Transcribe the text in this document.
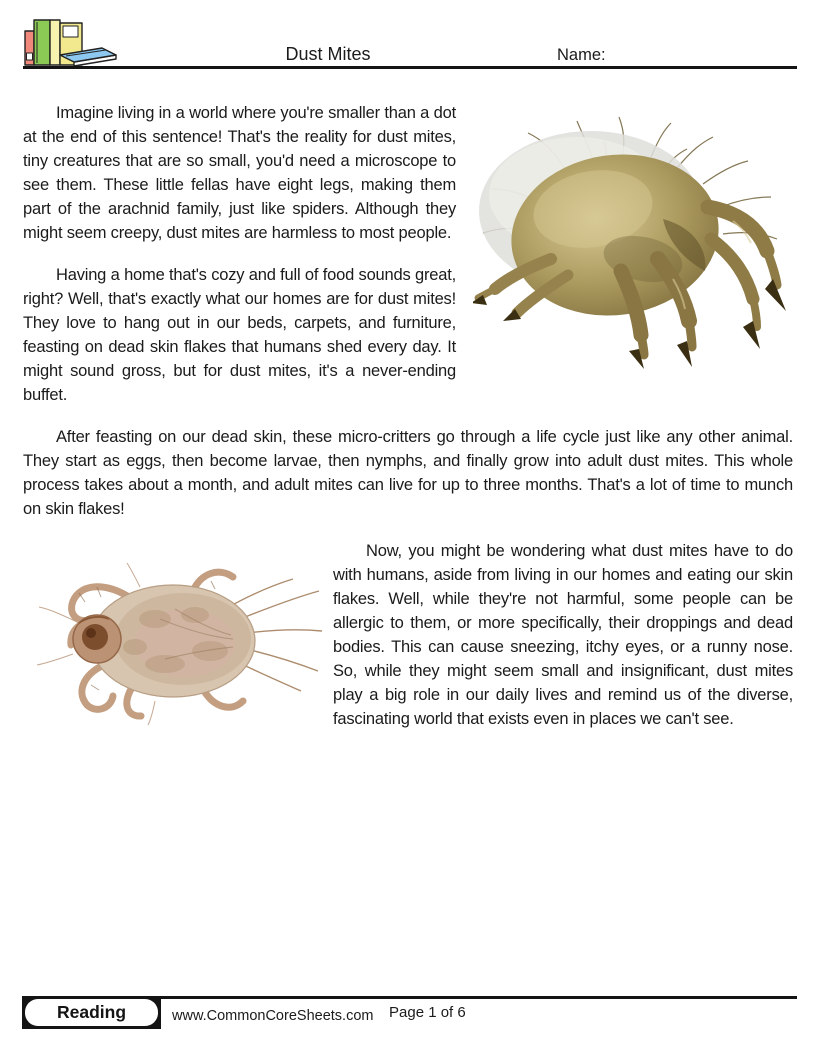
Dust Mites	Name:

Imagine living in a world where you're smaller than a dot at the end of this sentence! That's the reality for dust mites, tiny creatures that are so small, you'd need a microscope to see them. These little fellas have eight legs, making them part of the arachnid family, just like spiders. Although they might seem creepy, dust mites are harmless to most people.

Having a home that's cozy and full of food sounds great, right? Well, that's exactly what our homes are for dust mites! They love to hang out in our beds, carpets, and furniture, feasting on dead skin flakes that humans shed every day. It might sound gross, but for dust mites, it's a never-ending buffet.

After feasting on our dead skin, these micro-critters go through a life cycle just like any other animal. They start as eggs, then become larvae, then nymphs, and finally grow into adult dust mites. This whole process takes about a month, and adult mites can live for up to three months. That's a lot of time to munch on skin flakes!

Now, you might be wondering what dust mites have to do with humans, aside from living in our homes and eating our skin flakes. Well, while they're not harmful, some people can be allergic to them, or more specifically, their droppings and dead bodies. This can cause sneezing, itchy eyes, or a runny nose. So, while they might seem small and insignificant, dust mites play a big role in our daily lives and remind us of the diverse, fascinating world that exists even in places we can't see.

Reading	www.CommonCoreSheets.com Page 1 of 6
